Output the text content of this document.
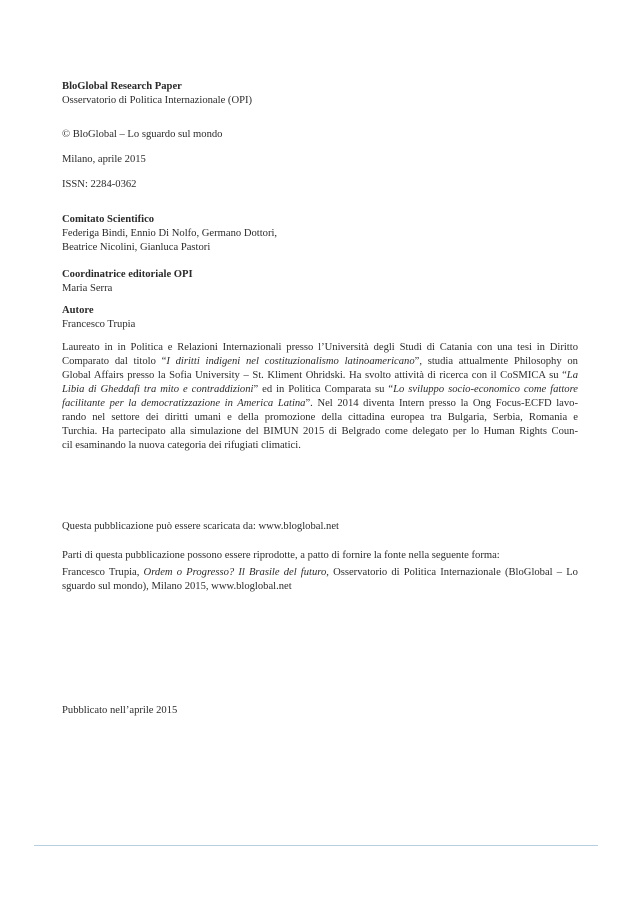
BloGlobal Research Paper
Osservatorio di Politica Internazionale (OPI)
© BloGlobal – Lo sguardo sul mondo
Milano, aprile 2015
ISSN: 2284-0362
Comitato Scientifico
Federiga Bindi, Ennio Di Nolfo, Germano Dottori,
Beatrice Nicolini, Gianluca Pastori
Coordinatrice editoriale OPI
Maria Serra
Autore
Francesco Trupia
Laureato in in Politica e Relazioni Internazionali presso l’Università degli Studi di Catania con una tesi in Diritto
Comparato dal titolo “I diritti indigeni nel costituzionalismo latinoamericano”, studia attualmente Philosophy on
Global Affairs presso la Sofia University – St. Kliment Ohridski. Ha svolto attività di ricerca con il CoSMICA su “La
Libia di Gheddafi tra mito e contraddizioni” ed in Politica Comparata su “Lo sviluppo socio-economico come fattore
facilitante per la democratizzazione in America Latina”. Nel 2014 diventa Intern presso la Ong Focus-ECFD lavo-
rando nel settore dei diritti umani e della promozione della cittadina europea tra Bulgaria, Serbia, Romania e
Turchia. Ha partecipato alla simulazione del BIMUN 2015 di Belgrado come delegato per lo Human Rights Coun-
cil esaminando la nuova categoria dei rifugiati climatici.
Questa pubblicazione può essere scaricata da: www.bloglobal.net
Parti di questa pubblicazione possono essere riprodotte, a patto di fornire la fonte nella seguente forma:
Francesco Trupia, Ordem o Progresso? Il Brasile del futuro, Osservatorio di Politica Internazionale (BloGlobal – Lo
sguardo sul mondo), Milano 2015, www.bloglobal.net
Pubblicato nell’aprile 2015
